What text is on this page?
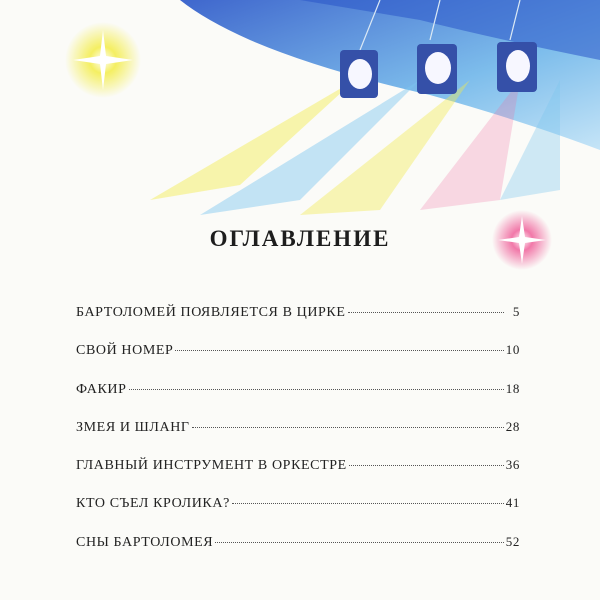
ОГЛАВЛЕНИЕ
БАРТОЛОМЕЙ ПОЯВЛЯЕТСЯ В ЦИРКЕ	5
СВОЙ НОМЕР	10
ФАКИР	18
ЗМЕЯ И ШЛАНГ	28
ГЛАВНЫЙ ИНСТРУМЕНТ В ОРКЕСТРЕ	36
КТО СЪЕЛ КРОЛИКА?	41
СНЫ БАРТОЛОМЕЯ	52
